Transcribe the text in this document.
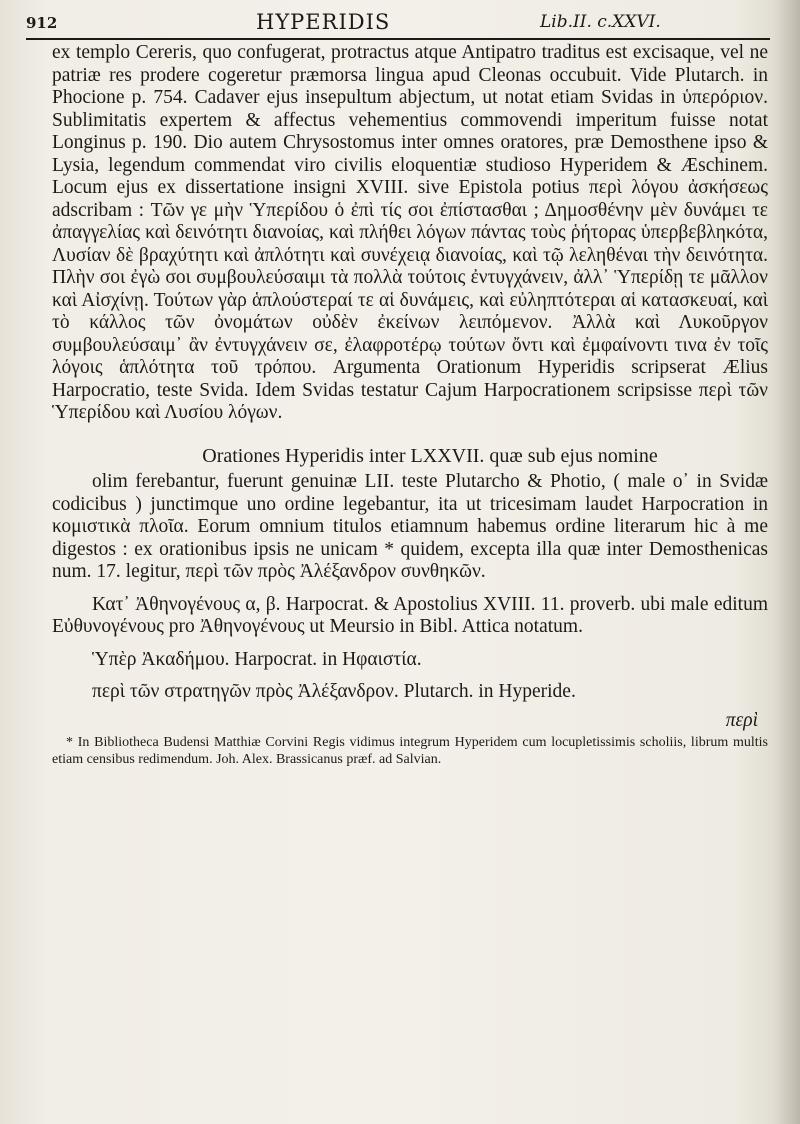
912	HYPERIDIS	Lib.II. c.XXVI.

ex templo Cereris, quo confugerat, protractus atque Antipatro traditus est excisaque, vel ne patriæ res prodere cogeretur præmorsa lingua apud Cleonas occubuit. Vide Plutarch. in Phocione p. 754. Cadaver ejus insepultum abjectum, ut notat etiam Svidas in ὑπερόριον. Sublimitatis expertem & affectus vehementius commovendi imperitum fuisse notat Longinus p. 190. Dio autem Chrysostomus inter omnes oratores, præ Demosthene ipso & Lysia, legendum commendat viro civilis eloquentiæ studioso Hyperidem & Æschinem. Locum ejus ex dissertatione insigni XVIII. sive Epistola potius περὶ λόγου ἀσκήσεως adscribam : Τῶν γε μὴν Ὑπερίδου ὁ ἐπὶ τίς σοι ἐπίστασθαι ; Δημοσθένην μὲν δυνάμει τε ἀπαγγελίας καὶ δεινότητι διανοίας, καὶ πλήθει λόγων πάντας τοὺς ῥήτορας ὑπερβεβληκότα, Λυσίαν δὲ βραχύτητι καὶ ἀπλότητι καὶ συνέχειᾳ διανοίας, καὶ τῷ λεληθέναι τὴν δεινότητα. Πλὴν σοι ἐγὼ σοι συμβουλεύσαιμι τὰ πολλὰ τούτοις ἐντυγχάνειν, ἀλλ᾿ Ὑπερίδῃ τε μᾶλλον καὶ Αἰσχίνῃ. Τούτων γὰρ ἁπλούστεραί τε αἱ δυνάμεις, καὶ εὐληπτότεραι αἱ κατασκευαί, καὶ τὸ κάλλος τῶν ὀνομάτων οὐδὲν ἐκείνων λειπόμενον. Ἀλλὰ καὶ Λυκοῦργον συμβουλεύσαιμ᾿ ἂν ἐντυγχάνειν σε, ἐλαφροτέρῳ τούτων ὄντι καὶ ἐμφαίνοντι τινα ἐν τοῖς λόγοις ἁπλότητα τοῦ τρόπου. Argumenta Orationum Hyperidis scripserat Ælius Harpocratio, teste Svida. Idem Svidas testatur Cajum Harpocrationem scripsisse περὶ τῶν Ὑπερίδου καὶ Λυσίου λόγων.

Orationes Hyperidis inter LXXVII. quæ sub ejus nomine

olim ferebantur, fuerunt genuinæ LII. teste Plutarcho & Photio, ( male ο᾽ in Svidæ codicibus ) junctimque uno ordine legebantur, ita ut tricesimam laudet Harpocration in κομιστικὰ πλοῖα. Eorum omnium titulos etiamnum habemus ordine literarum hic à me digestos : ex orationibus ipsis ne unicam * quidem, excepta illa quæ inter Demosthenicas num. 17. legitur, περὶ τῶν πρὸς Ἀλέξανδρον συνθηκῶν.

Κατ᾿ Ἀθηνογένους α, β. Harpocrat. & Apostolius XVIII. 11. proverb. ubi male editum Εὐθυνογένους pro Ἀθηνογένους ut Meursio in Bibl. Attica notatum.

Ὑπὲρ Ἀκαδήμου. Harpocrat. in Ηφαιστία.

περὶ τῶν στρατηγῶν πρὸς Ἀλέξανδρον. Plutarch. in Hyperide.

περὶ

* In Bibliotheca Budensi Matthiæ Corvini Regis vidimus integrum Hyperidem cum locupletissimis scholiis, librum multis etiam censibus redimendum. Joh. Alex. Brassicanus præf. ad Salvian.
